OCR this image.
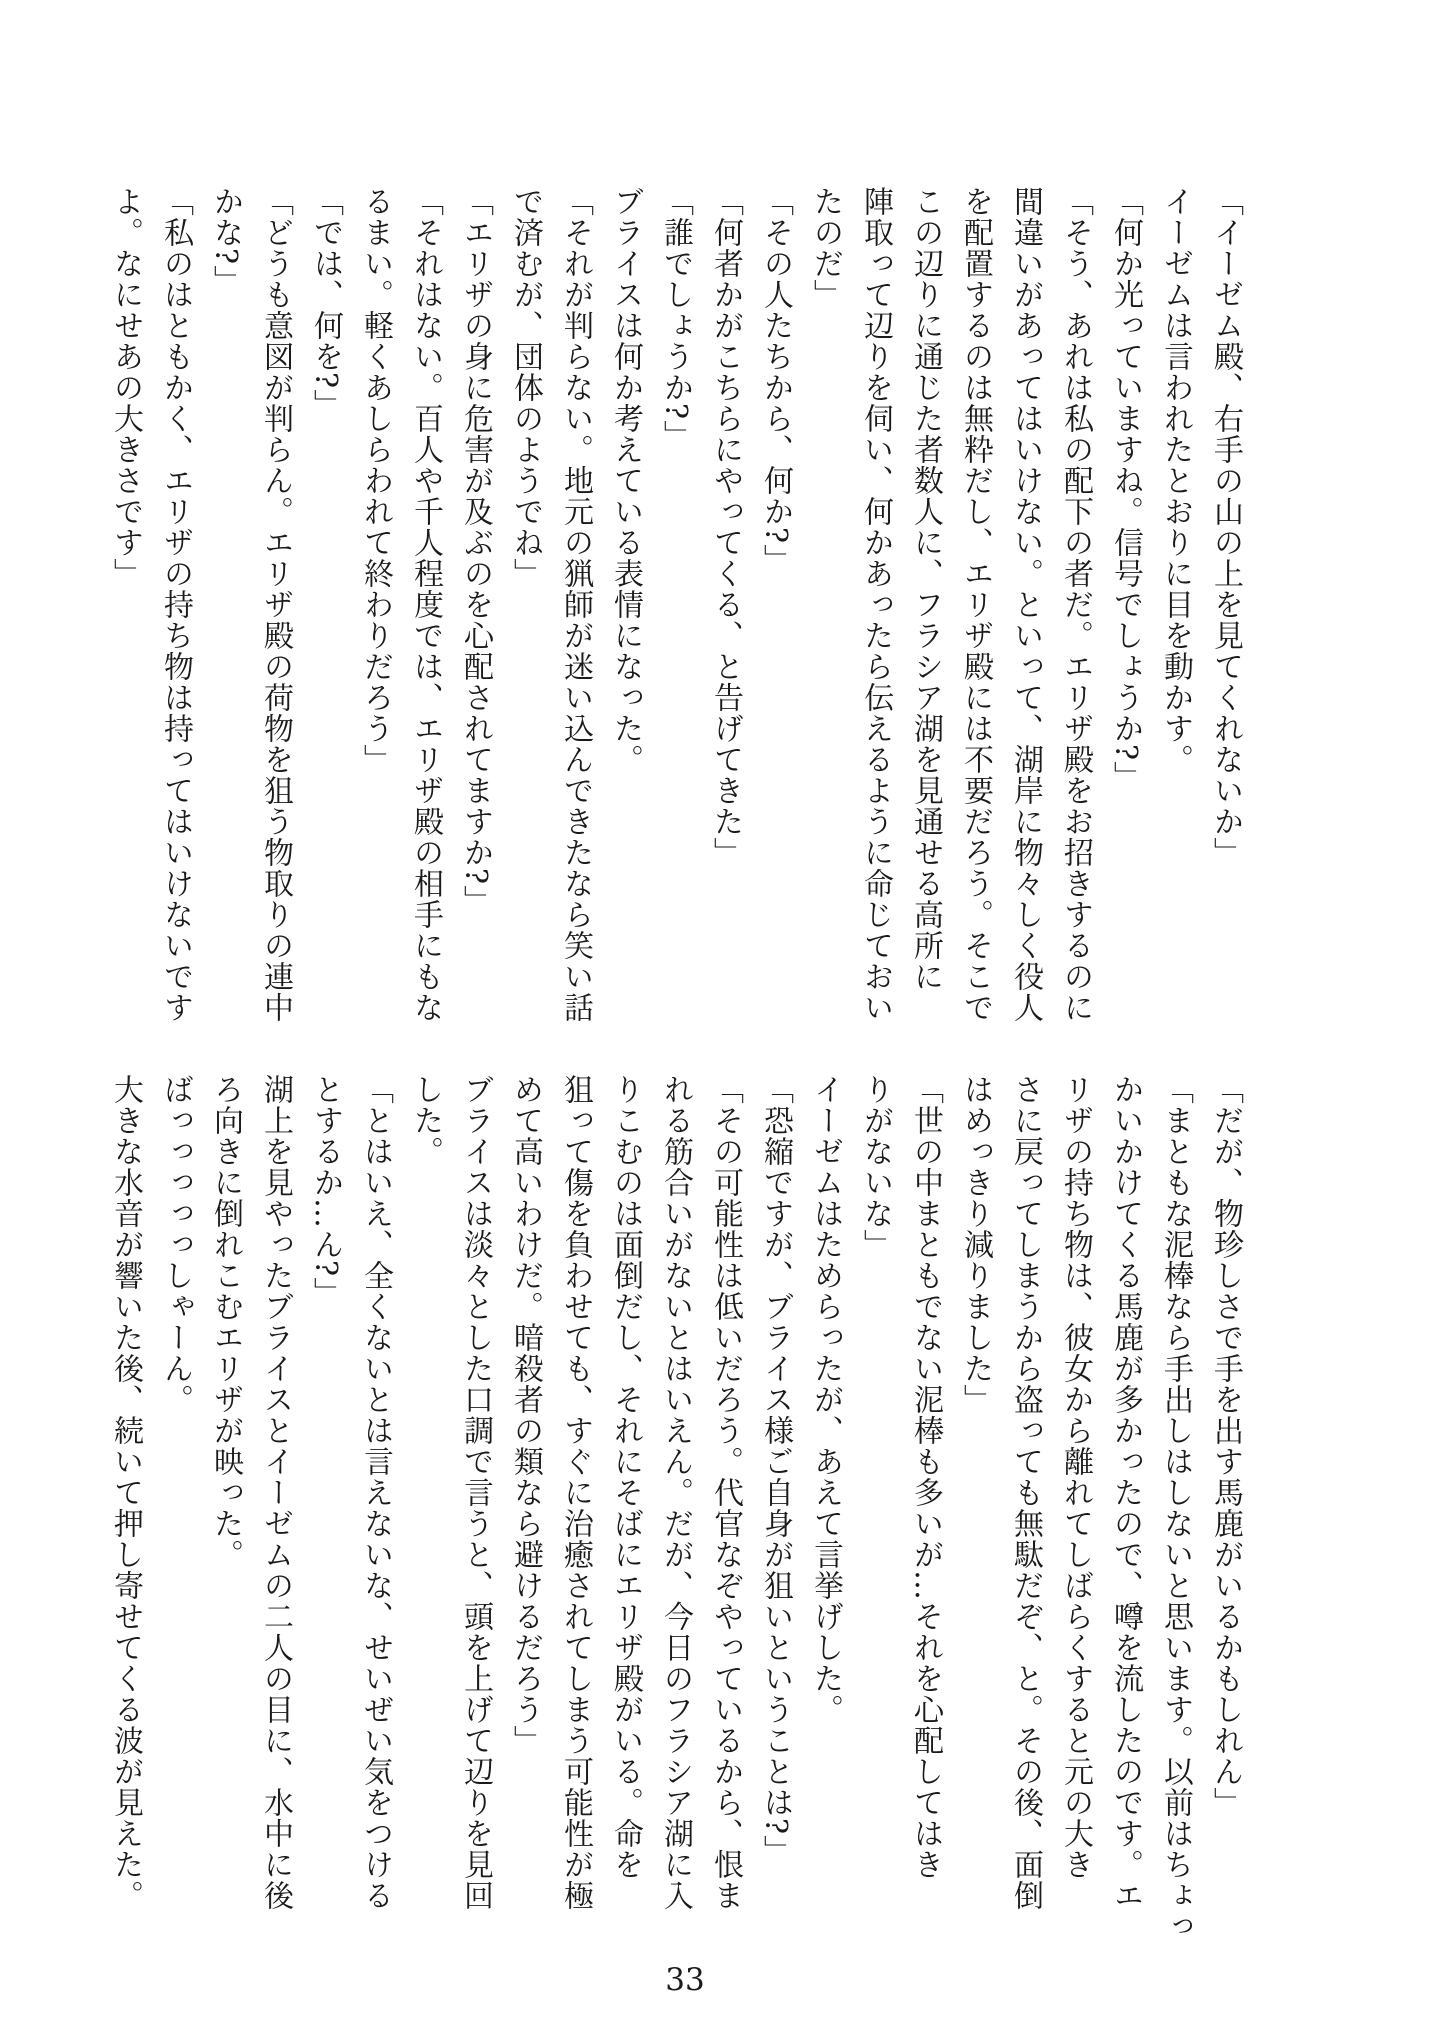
「イーゼム殿、右手の山の上を見てくれないか」

イーゼムは言われたとおりに目を動かす。

「何か光っていますね。信号でしょうか?」

「そう、あれは私の配下の者だ。エリザ殿をお招きするのに

間違いがあってはいけない。といって、湖岸に物々しく役人

を配置するのは無粋だし、エリザ殿には不要だろう。そこで

この辺りに通じた者数人に、フラシア湖を見通せる高所に

陣取って辺りを伺い、何かあったら伝えるように命じておい

たのだ」

「その人たちから、何か?」

「何者かがこちらにやってくる、と告げてきた」

「誰でしょうか?」

ブライスは何か考えている表情になった。

「それが判らない。地元の猟師が迷い込んできたなら笑い話

で済むが、団体のようでね」

「エリザの身に危害が及ぶのを心配されてますか?」

「それはない。百人や千人程度では、エリザ殿の相手にもな

るまい。軽くあしらわれて終わりだろう」

「では、何を?」

「どうも意図が判らん。エリザ殿の荷物を狙う物取りの連中

かな?」

「私のはともかく、エリザの持ち物は持ってはいけないです

よ。なにせあの大きさです」

「だが、物珍しさで手を出す馬鹿がいるかもしれん」

「まともな泥棒なら手出しはしないと思います。以前はちょっ

かいかけてくる馬鹿が多かったので、噂を流したのです。エ

リザの持ち物は、彼女から離れてしばらくすると元の大き

さに戻ってしまうから盗っても無駄だぞ、と。その後、面倒

はめっきり減りました」

「世の中まともでない泥棒も多いが…それを心配してはき

りがないな」

イーゼムはためらったが、あえて言挙げした。

「恐縮ですが、ブライス様ご自身が狙いということは?」

「その可能性は低いだろう。代官なぞやっているから、恨ま

れる筋合いがないとはいえん。だが、今日のフラシア湖に入

りこむのは面倒だし、それにそばにエリザ殿がいる。命を

狙って傷を負わせても、すぐに治癒されてしまう可能性が極

めて高いわけだ。暗殺者の類なら避けるだろう」

ブライスは淡々とした口調で言うと、頭を上げて辺りを見回

した。

「とはいえ、全くないとは言えないな、せいぜい気をつける

とするか…ん?」

湖上を見やったブライスとイーゼムの二人の目に、水中に後

ろ向きに倒れこむエリザが映った。

ばっっっっっしゃーん。

大きな水音が響いた後、続いて押し寄せてくる波が見えた。

33
